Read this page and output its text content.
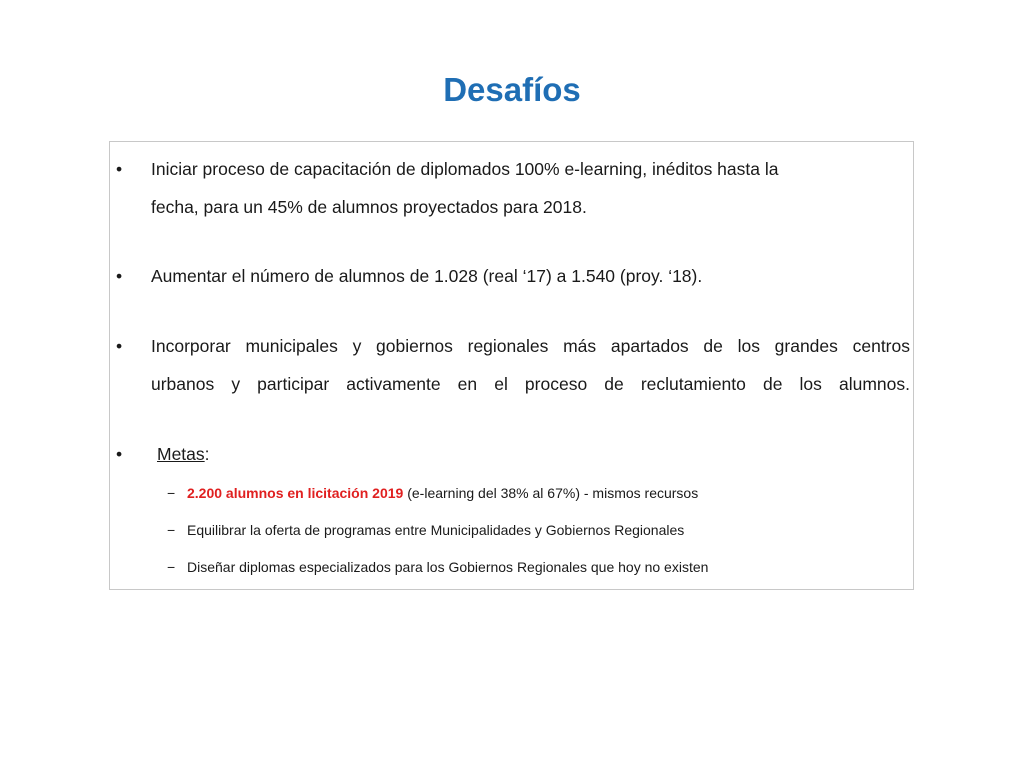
Desafíos
•	Iniciar proceso de capacitación de diplomados 100% e-learning, inéditos hasta la
fecha, para un 45% de alumnos proyectados para 2018.
•	Aumentar el número de alumnos de 1.028 (real ‘17) a 1.540 (proy. ‘18).
•	Incorporar municipales y gobiernos regionales más apartados de los grandes centros
urbanos y participar activamente en el proceso de reclutamiento de los alumnos.
•	Metas:
− 2.200 alumnos en licitación 2019 (e-learning del 38% al 67%) - mismos recursos
− Equilibrar la oferta de programas entre Municipalidades y Gobiernos Regionales
− Diseñar diplomas especializados para los Gobiernos Regionales que hoy no existen
